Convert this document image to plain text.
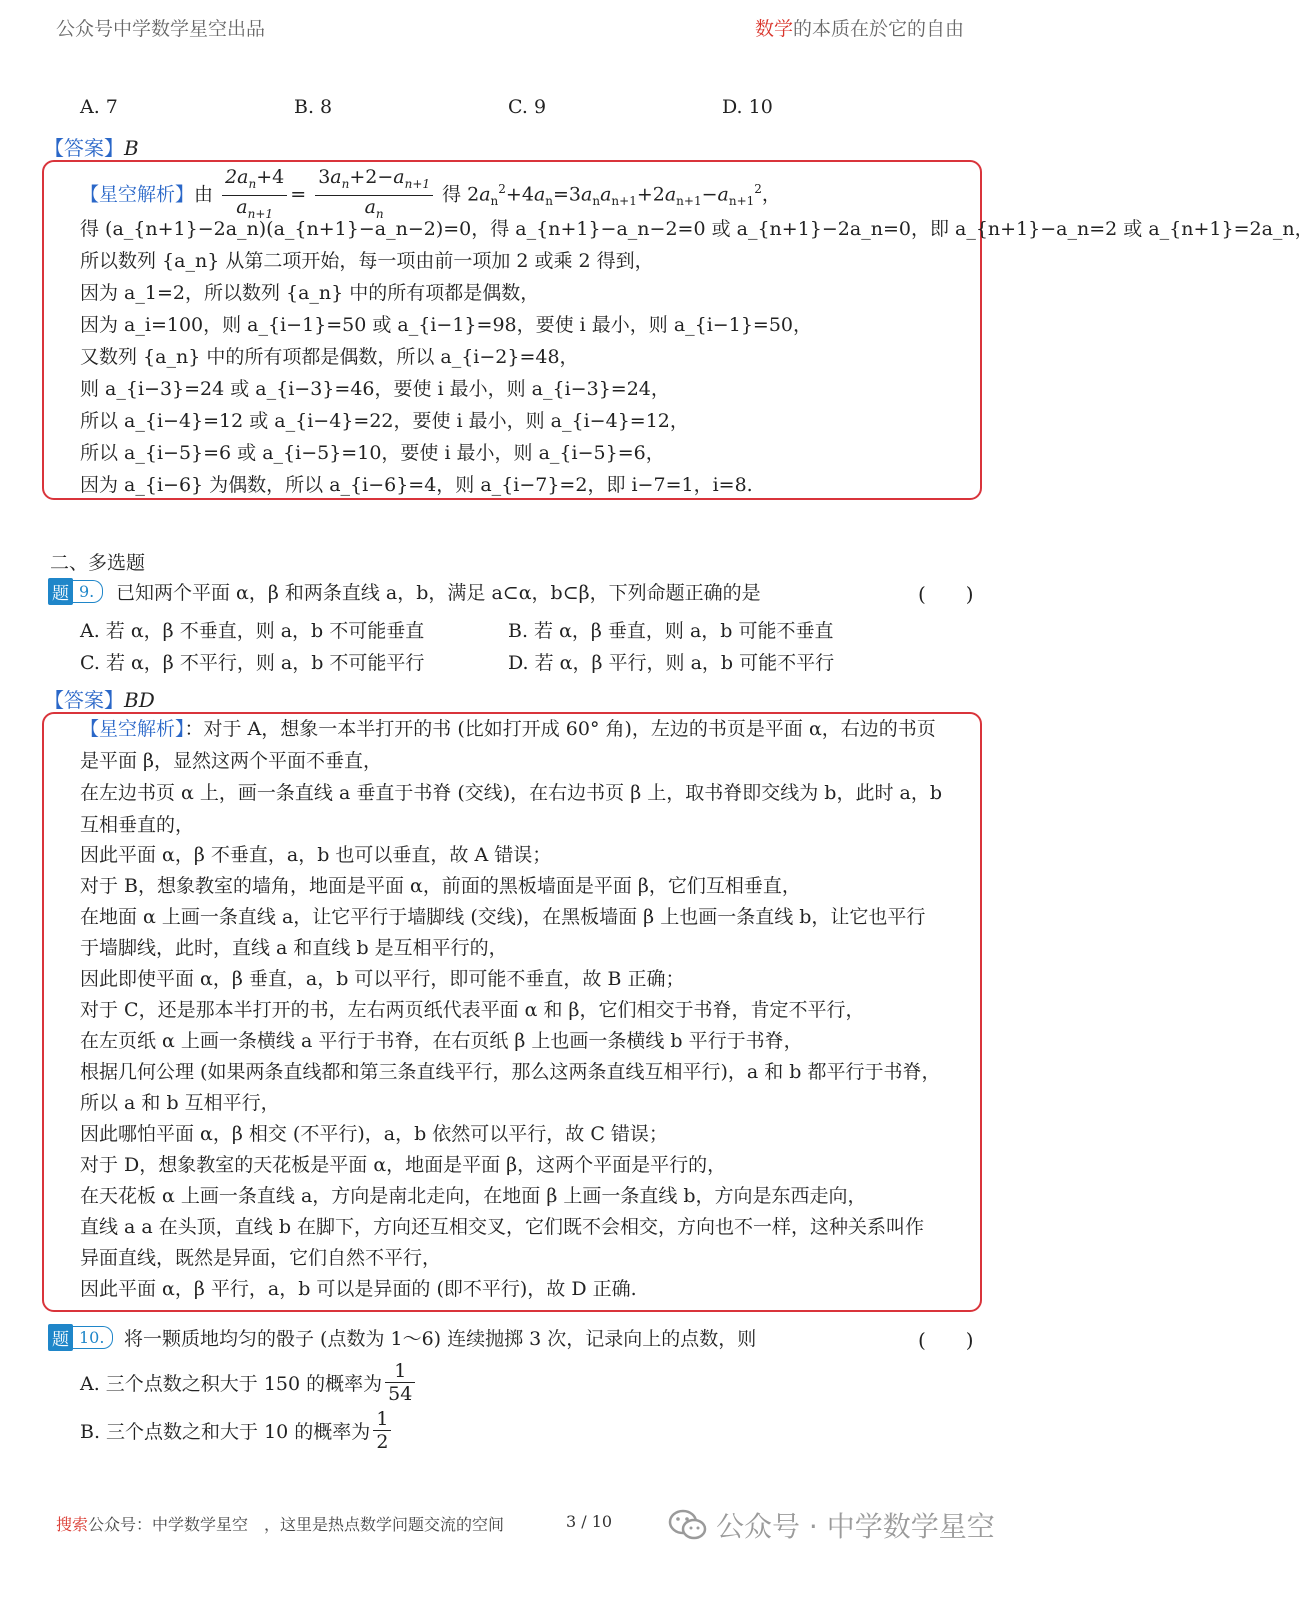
公众号中学数学星空出品	数学的本质在於它的自由
A. 7	B. 8	C. 9	D. 10
【答案】B
【星空解析】由 $\frac{2a_n+4}{a_{n+1}} = \frac{3a_n+2-a_{n+1}}{a_n}$ 得 $2a_n^2+4a_n=3a_na_{n+1}+2a_{n+1}-a_{n+1}^2$，
得 (a_{n+1}−2a_n)(a_{n+1}−a_n−2)=0，得 a_{n+1}−a_n−2=0 或 a_{n+1}−2a_n=0，即 a_{n+1}−a_n=2 或 a_{n+1}=2a_n，
所以数列 {a_n} 从第二项开始，每一项由前一项加 2 或乘 2 得到，
因为 a_1=2，所以数列 {a_n} 中的所有项都是偶数，
因为 a_i=100，则 a_{i−1}=50 或 a_{i−1}=98，要使 i 最小，则 a_{i−1}=50，
又数列 {a_n} 中的所有项都是偶数，所以 a_{i−2}=48，
则 a_{i−3}=24 或 a_{i−3}=46，要使 i 最小，则 a_{i−3}=24，
所以 a_{i−4}=12 或 a_{i−4}=22，要使 i 最小，则 a_{i−4}=12，
所以 a_{i−5}=6 或 a_{i−5}=10，要使 i 最小，则 a_{i−5}=6，
因为 a_{i−6} 为偶数，所以 a_{i−6}=4，则 a_{i−7}=2，即 i−7=1，i=8.
二、多选题
题 9.	已知两个平面 α，β 和两条直线 a，b，满足 a⊂α，b⊂β，下列命题正确的是	(　　)
A. 若 α，β 不垂直，则 a，b 不可能垂直	B. 若 α，β 垂直，则 a，b 可能不垂直
C. 若 α，β 不平行，则 a，b 不可能平行	D. 若 α，β 平行，则 a，b 可能不平行
【答案】BD
【星空解析】：对于 A，想象一本半打开的书 (比如打开成 60° 角)，左边的书页是平面 α，右边的书页
是平面 β，显然这两个平面不垂直，
在左边书页 α 上，画一条直线 a 垂直于书脊 (交线)，在右边书页 β 上，取书脊即交线为 b，此时 a，b
互相垂直的，
因此平面 α，β 不垂直，a，b 也可以垂直，故 A 错误；
对于 B，想象教室的墙角，地面是平面 α，前面的黑板墙面是平面 β，它们互相垂直，
在地面 α 上画一条直线 a，让它平行于墙脚线 (交线)，在黑板墙面 β 上也画一条直线 b，让它也平行
于墙脚线，此时，直线 a 和直线 b 是互相平行的，
因此即使平面 α，β 垂直，a，b 可以平行，即可能不垂直，故 B 正确；
对于 C，还是那本半打开的书，左右两页纸代表平面 α 和 β，它们相交于书脊，肯定不平行，
在左页纸 α 上画一条横线 a 平行于书脊，在右页纸 β 上也画一条横线 b 平行于书脊，
根据几何公理 (如果两条直线都和第三条直线平行，那么这两条直线互相平行)，a 和 b 都平行于书脊，
所以 a 和 b 互相平行，
因此哪怕平面 α，β 相交 (不平行)，a，b 依然可以平行，故 C 错误；
对于 D，想象教室的天花板是平面 α，地面是平面 β，这两个平面是平行的，
在天花板 α 上画一条直线 a，方向是南北走向，在地面 β 上画一条直线 b，方向是东西走向，
直线 a a 在头顶，直线 b 在脚下，方向还互相交叉，它们既不会相交，方向也不一样，这种关系叫作
异面直线，既然是异面，它们自然不平行，
因此平面 α，β 平行，a，b 可以是异面的 (即不平行)，故 D 正确.
题 10.	将一颗质地均匀的骰子 (点数为 1～6) 连续抛掷 3 次，记录向上的点数，则	(　　)
A. 三个点数之积大于 150 的概率为 $\frac{1}{54}$
B. 三个点数之和大于 10 的概率为 $\frac{1}{2}$
搜索公众号：中学数学星空　，这里是热点数学问题交流的空间	3 / 10	公众号 · 中学数学星空
